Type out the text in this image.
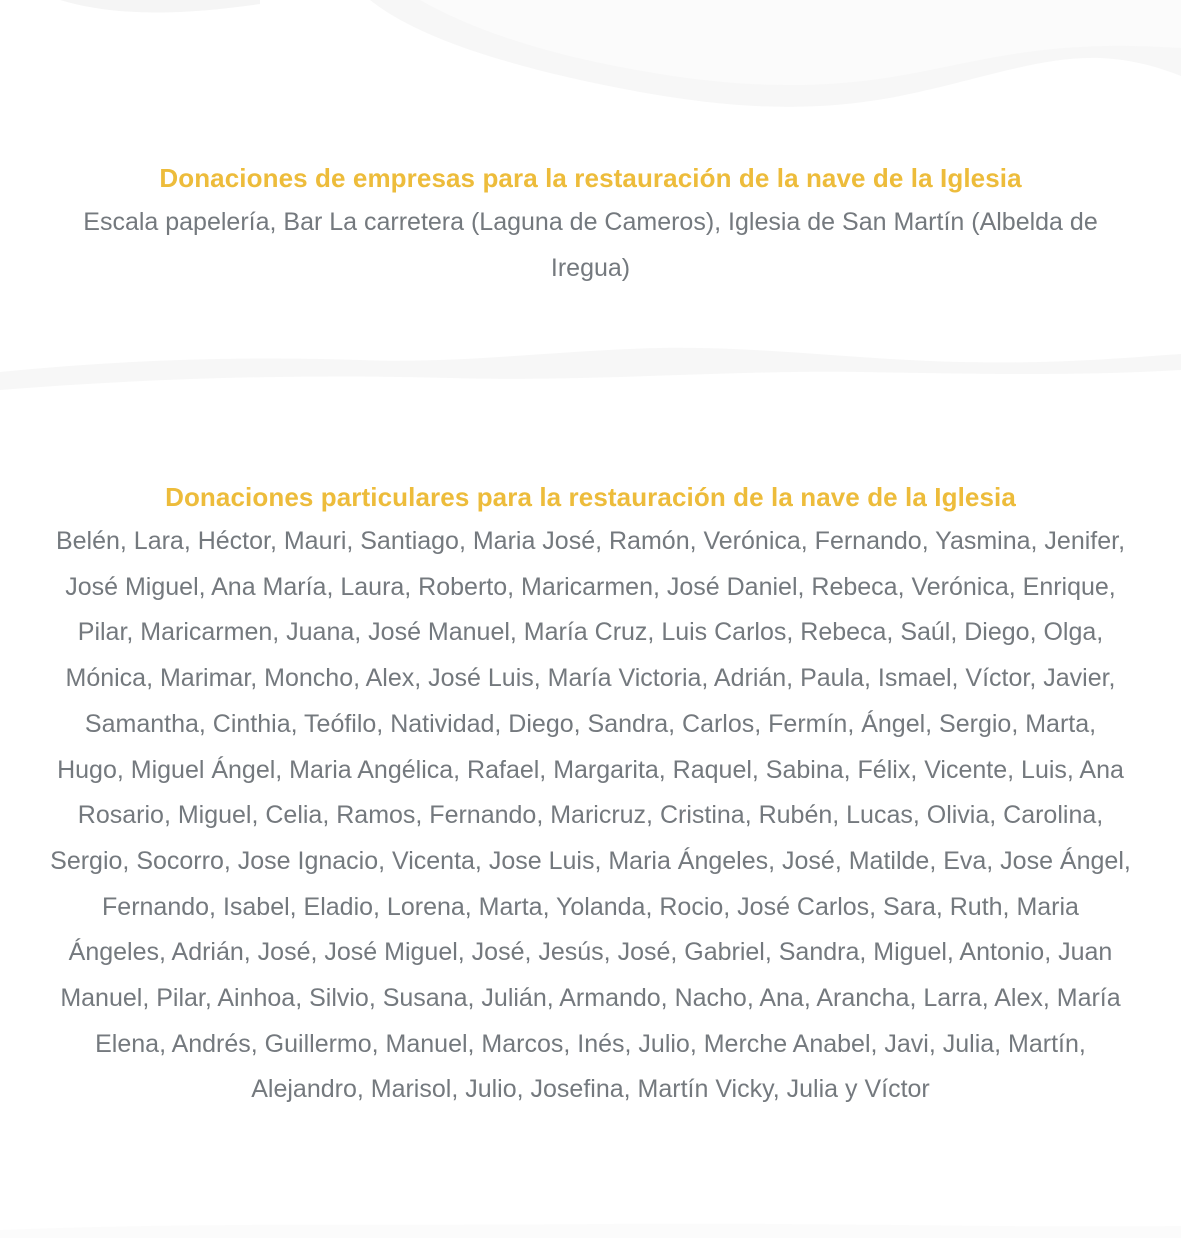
Donaciones de empresas para la restauración de la nave de la Iglesia

Escala papelería, Bar La carretera (Laguna de Cameros), Iglesia de San Martín (Albelda de Iregua)

Donaciones particulares para la restauración de la nave de la Iglesia

Belén, Lara, Héctor, Mauri, Santiago, Maria José, Ramón, Verónica, Fernando, Yasmina, Jenifer, José Miguel, Ana María, Laura, Roberto, Maricarmen, José Daniel, Rebeca, Verónica, Enrique, Pilar, Maricarmen, Juana, José Manuel, María Cruz, Luis Carlos, Rebeca, Saúl, Diego, Olga, Mónica, Marimar, Moncho, Alex, José Luis, María Victoria, Adrián, Paula, Ismael, Víctor, Javier, Samantha, Cinthia, Teófilo, Natividad, Diego, Sandra, Carlos, Fermín, Ángel, Sergio, Marta, Hugo, Miguel Ángel, Maria Angélica, Rafael, Margarita, Raquel, Sabina, Félix, Vicente, Luis, Ana Rosario, Miguel, Celia, Ramos, Fernando, Maricruz, Cristina, Rubén, Lucas, Olivia, Carolina, Sergio, Socorro, Jose Ignacio, Vicenta, Jose Luis, Maria Ángeles, José, Matilde, Eva, Jose Ángel, Fernando, Isabel, Eladio, Lorena, Marta, Yolanda, Rocio, José Carlos, Sara, Ruth, Maria Ángeles, Adrián, José, José Miguel, José, Jesús, José, Gabriel, Sandra, Miguel, Antonio, Juan Manuel, Pilar, Ainhoa, Silvio, Susana, Julián, Armando, Nacho, Ana, Arancha, Larra, Alex, María Elena, Andrés, Guillermo, Manuel, Marcos, Inés, Julio, Merche Anabel, Javi, Julia, Martín, Alejandro, Marisol, Julio, Josefina, Martín Vicky, Julia y Víctor
